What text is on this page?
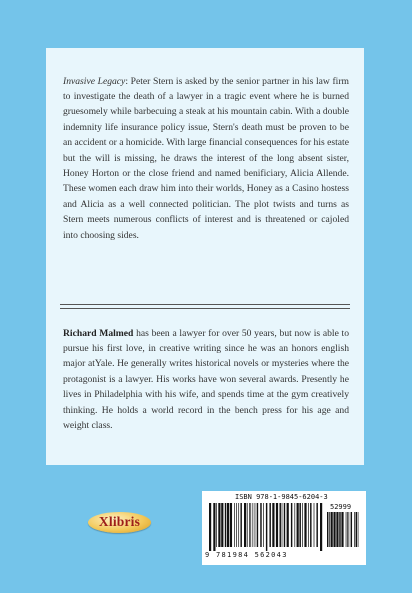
Invasive Legacy: Peter Stern is asked by the senior partner in his law firm to investigate the death of a lawyer in a tragic event where he is burned gruesomely while barbecuing a steak at his mountain cabin. With a double indemnity life insurance policy issue, Stern's death must be proven to be an accident or a homicide. With large financial consequences for his estate but the will is missing, he draws the interest of the long absent sister, Honey Horton or the close friend and named benificiary, Alicia Allende. These women each draw him into their worlds, Honey as a Casino hostess and Alicia as a well connected politician. The plot twists and turns as Stern meets numerous conflicts of interest and is threatened or cajoled into choosing sides.

Richard Malmed has been a lawyer for over 50 years, but now is able to pursue his first love, in creative writing since he was an honors english major atYale. He generally writes historical novels or mysteries where the protagonist is a lawyer. His works have won several awards. Presently he lives in Philadelphia with his wife, and spends time at the gym creatively thinking. He holds a world record in the bench press for his age and weight class.

Xlibris
ISBN 978-1-9845-6204-3
52999
9 781984 562043
